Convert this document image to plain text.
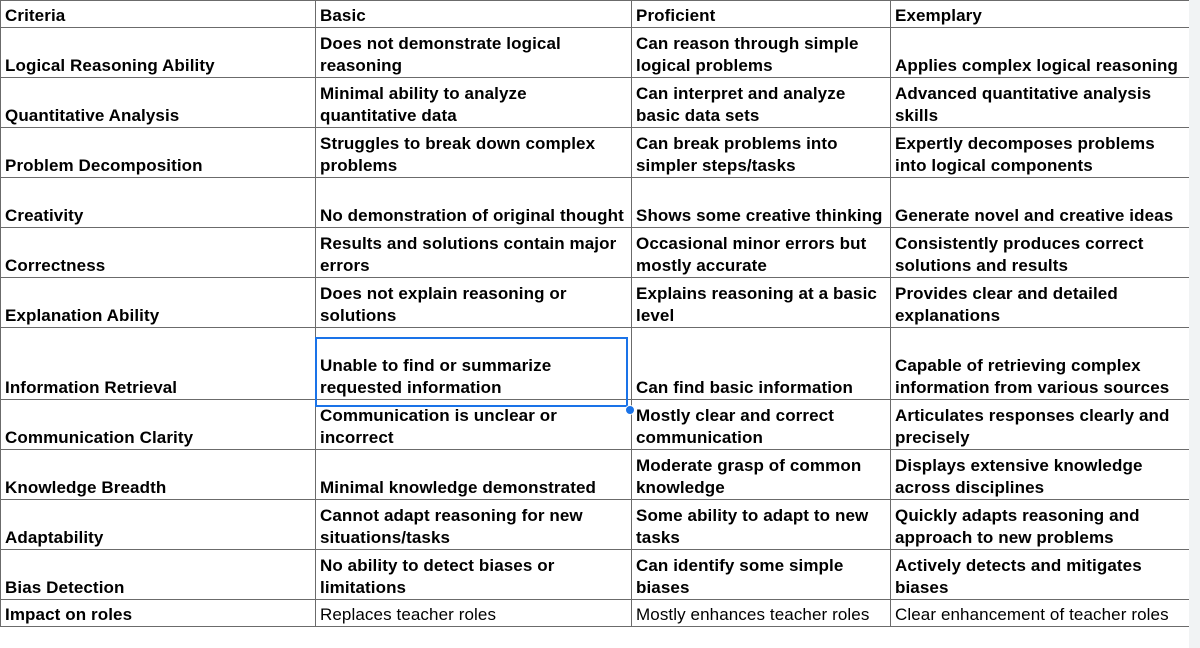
Criteria	Basic	Proficient	Exemplary
Logical Reasoning Ability	Does not demonstrate logical reasoning	Can reason through simple logical problems	Applies complex logical reasoning
Quantitative Analysis	Minimal ability to analyze quantitative data	Can interpret and analyze basic data sets	Advanced quantitative analysis skills
Problem Decomposition	Struggles to break down complex problems	Can break problems into simpler steps/tasks	Expertly decomposes problems into logical components
Creativity	No demonstration of original thought	Shows some creative thinking	Generate novel and creative ideas
Correctness	Results and solutions contain major errors	Occasional minor errors but mostly accurate	Consistently produces correct solutions and results
Explanation Ability	Does not explain reasoning or solutions	Explains reasoning at a basic level	Provides clear and detailed explanations
Information Retrieval	Unable to find or summarize requested information	Can find basic information	Capable of retrieving complex information from various sources
Communication Clarity	Communication is unclear or incorrect	Mostly clear and correct communication	Articulates responses clearly and precisely
Knowledge Breadth	Minimal knowledge demonstrated	Moderate grasp of common knowledge	Displays extensive knowledge across disciplines
Adaptability	Cannot adapt reasoning for new situations/tasks	Some ability to adapt to new tasks	Quickly adapts reasoning and approach to new problems
Bias Detection	No ability to detect biases or limitations	Can identify some simple biases	Actively detects and mitigates biases
Impact on roles	Replaces teacher roles	Mostly enhances teacher roles	Clear enhancement of teacher roles
